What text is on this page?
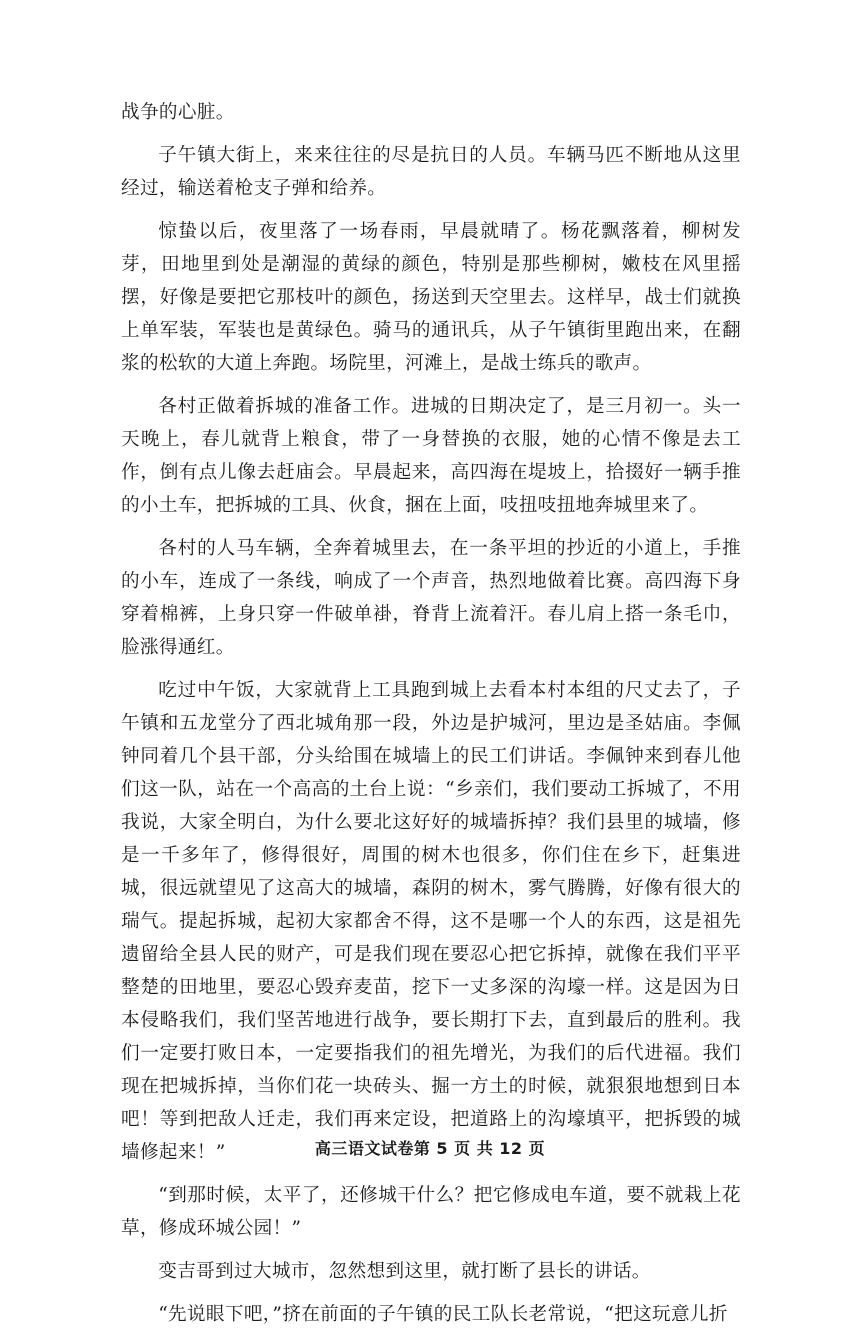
战争的心脏。

子午镇大街上，来来往往的尽是抗日的人员。车辆马匹不断地从这里经过，输送着枪支子弹和给养。

惊蛰以后，夜里落了一场春雨，早晨就晴了。杨花飘落着，柳树发芽，田地里到处是潮湿的黄绿的颜色，特别是那些柳树，嫩枝在风里摇摆，好像是要把它那枝叶的颜色，扬送到天空里去。这样早，战士们就换上单军装，军装也是黄绿色。骑马的通讯兵，从子午镇街里跑出来，在翻浆的松软的大道上奔跑。场院里，河滩上，是战士练兵的歌声。

各村正做着拆城的准备工作。进城的日期决定了，是三月初一。头一天晚上，春儿就背上粮食，带了一身替换的衣服，她的心情不像是去工作，倒有点儿像去赶庙会。早晨起来，高四海在堤坡上，拾掇好一辆手推的小土车，把拆城的工具、伙食，捆在上面，吱扭吱扭地奔城里来了。

各村的人马车辆，全奔着城里去，在一条平坦的抄近的小道上，手推的小车，连成了一条线，响成了一个声音，热烈地做着比赛。高四海下身穿着棉裤，上身只穿一件破单褂，脊背上流着汗。春儿肩上搭一条毛巾，脸涨得通红。

吃过中午饭，大家就背上工具跑到城上去看本村本组的尺丈去了，子午镇和五龙堂分了西北城角那一段，外边是护城河，里边是圣姑庙。李佩钟同着几个县干部，分头给围在城墙上的民工们讲话。李佩钟来到春儿他们这一队，站在一个高高的土台上说：“乡亲们，我们要动工拆城了，不用我说，大家全明白，为什么要北这好好的城墙拆掉？我们县里的城墙，修是一千多年了，修得很好，周围的树木也很多，你们住在乡下，赶集进城，很远就望见了这高大的城墙，森阴的树木，雾气腾腾，好像有很大的瑞气。提起拆城，起初大家都舍不得，这不是哪一个人的东西，这是祖先遗留给全县人民的财产，可是我们现在要忍心把它拆掉，就像在我们平平整楚的田地里，要忍心毁弃麦苗，挖下一丈多深的沟壕一样。这是因为日本侵略我们，我们坚苦地进行战争，要长期打下去，直到最后的胜利。我们一定要打败日本，一定要指我们的祖先增光，为我们的后代进福。我们现在把城拆掉，当你们花一块砖头、掘一方土的时候，就狠狠地想到日本吧！等到把敌人迁走，我们再来定设，把道路上的沟壕填平，把拆毁的城墙修起来！”

“到那时候，太平了，还修城干什么？把它修成电车道，要不就栽上花草，修成环城公园！”

变吉哥到过大城市，忽然想到这里，就打断了县长的讲话。

“先说眼下吧，”挤在前面的子午镇的民工队长老常说，“把这玩意儿折

高三语文试卷第 5 页 共 12 页
